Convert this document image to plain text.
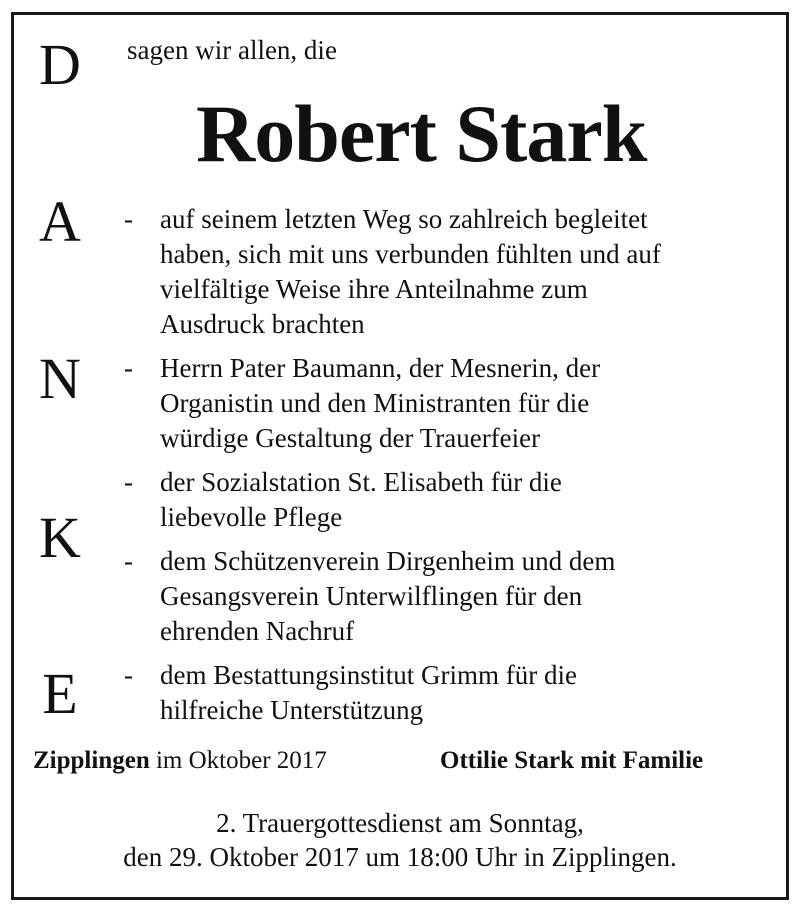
D
A
N
K
E
sagen wir allen, die
Robert Stark
-	auf seinem letzten Weg so zahlreich begleitet
haben, sich mit uns verbunden fühlten und auf
vielfältige Weise ihre Anteilnahme zum
Ausdruck brachten
-	Herrn Pater Baumann, der Mesnerin, der
Organistin und den Ministranten für die
würdige Gestaltung der Trauerfeier
-	der Sozialstation St. Elisabeth für die
liebevolle Pflege
-	dem Schützenverein Dirgenheim und dem
Gesangsverein Unterwilflingen für den
ehrenden Nachruf
-	dem Bestattungsinstitut Grimm für die
hilfreiche Unterstützung
Zipplingen im Oktober 2017	Ottilie Stark mit Familie
2. Trauergottesdienst am Sonntag,
den 29. Oktober 2017 um 18:00 Uhr in Zipplingen.
